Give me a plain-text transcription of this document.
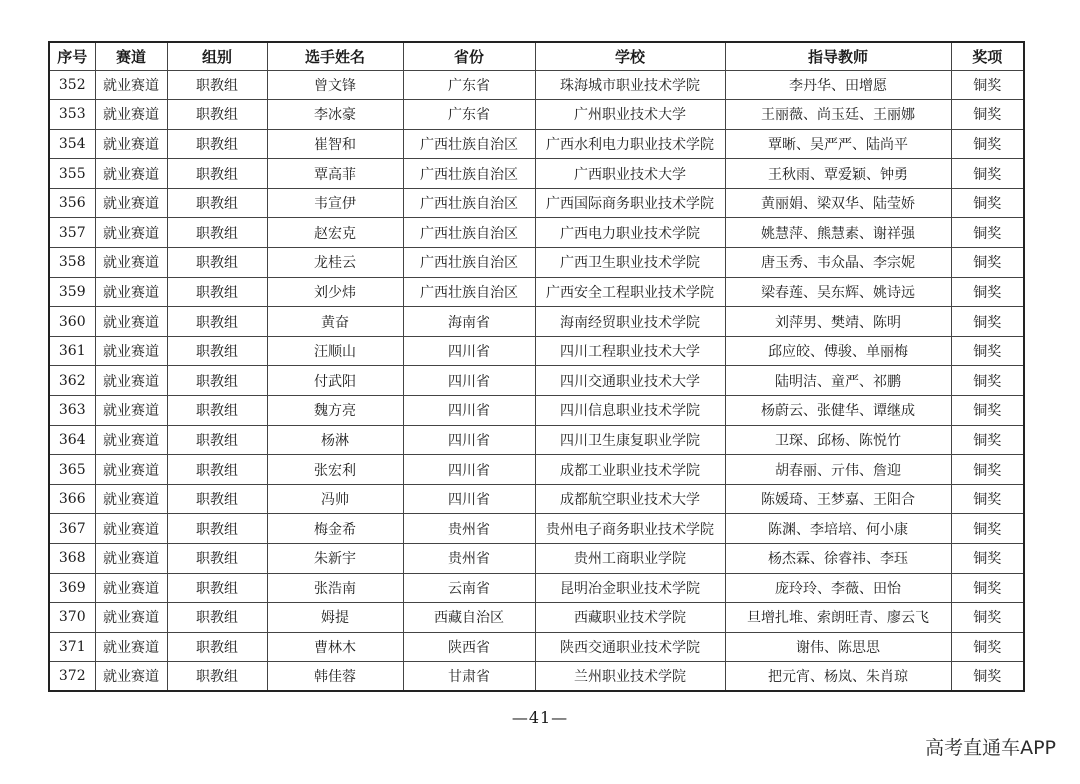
序号	赛道	组别	选手姓名	省份	学校	指导教师	奖项
352	就业赛道	职教组	曾文锋	广东省	珠海城市职业技术学院	李丹华、田增愿	铜奖
353	就业赛道	职教组	李冰豪	广东省	广州职业技术大学	王丽薇、尚玉廷、王丽娜	铜奖
354	就业赛道	职教组	崔智和	广西壮族自治区	广西水利电力职业技术学院	覃晰、吴严严、陆尚平	铜奖
355	就业赛道	职教组	覃高菲	广西壮族自治区	广西职业技术大学	王秋雨、覃爱颖、钟勇	铜奖
356	就业赛道	职教组	韦宣伊	广西壮族自治区	广西国际商务职业技术学院	黄丽娟、梁双华、陆莹娇	铜奖
357	就业赛道	职教组	赵宏克	广西壮族自治区	广西电力职业技术学院	姚慧萍、熊慧素、谢祥强	铜奖
358	就业赛道	职教组	龙桂云	广西壮族自治区	广西卫生职业技术学院	唐玉秀、韦众晶、李宗妮	铜奖
359	就业赛道	职教组	刘少炜	广西壮族自治区	广西安全工程职业技术学院	梁春莲、吴东辉、姚诗远	铜奖
360	就业赛道	职教组	黄奋	海南省	海南经贸职业技术学院	刘萍男、樊靖、陈明	铜奖
361	就业赛道	职教组	汪顺山	四川省	四川工程职业技术大学	邱应皎、傅骏、单丽梅	铜奖
362	就业赛道	职教组	付武阳	四川省	四川交通职业技术大学	陆明洁、童严、祁鹏	铜奖
363	就业赛道	职教组	魏方亮	四川省	四川信息职业技术学院	杨蔚云、张健华、谭继成	铜奖
364	就业赛道	职教组	杨淋	四川省	四川卫生康复职业学院	卫琛、邱杨、陈悦竹	铜奖
365	就业赛道	职教组	张宏利	四川省	成都工业职业技术学院	胡春丽、亓伟、詹迎	铜奖
366	就业赛道	职教组	冯帅	四川省	成都航空职业技术大学	陈媛琦、王梦嘉、王阳合	铜奖
367	就业赛道	职教组	梅金希	贵州省	贵州电子商务职业技术学院	陈渊、李培培、何小康	铜奖
368	就业赛道	职教组	朱新宇	贵州省	贵州工商职业学院	杨杰霖、徐睿祎、李珏	铜奖
369	就业赛道	职教组	张浩南	云南省	昆明冶金职业技术学院	庞玲玲、李薇、田怡	铜奖
370	就业赛道	职教组	姆提	西藏自治区	西藏职业技术学院	旦增扎堆、索朗旺青、廖云飞	铜奖
371	就业赛道	职教组	曹林木	陕西省	陕西交通职业技术学院	谢伟、陈思思	铜奖
372	就业赛道	职教组	韩佳蓉	甘肃省	兰州职业技术学院	把元宵、杨岚、朱肖琼	铜奖
—41—
高考直通车APP
